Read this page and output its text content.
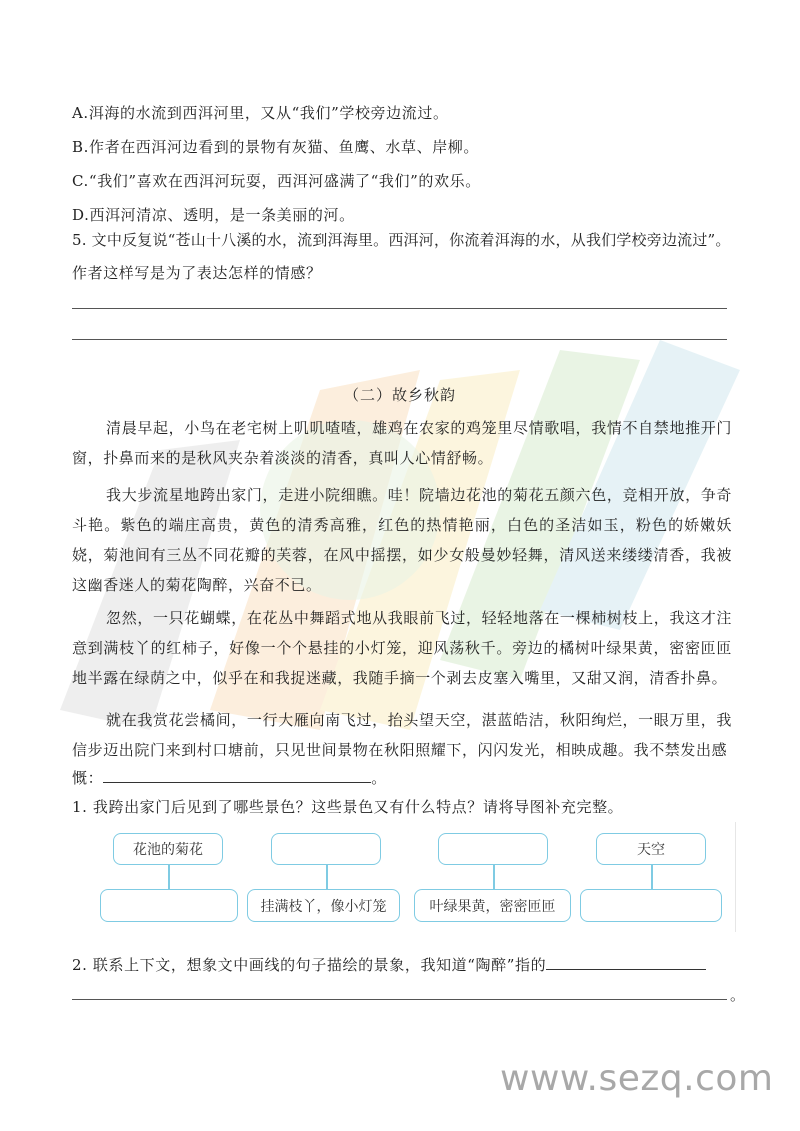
A.洱海的水流到西洱河里，又从“我们”学校旁边流过。
B.作者在西洱河边看到的景物有灰猫、鱼鹰、水草、岸柳。
C.“我们”喜欢在西洱河玩耍，西洱河盛满了“我们”的欢乐。
D.西洱河清凉、透明，是一条美丽的河。
5. 文中反复说“苍山十八溪的水，流到洱海里。西洱河，你流着洱海的水，从我们学校旁边流过”。
作者这样写是为了表达怎样的情感？
（二）故乡秋韵
清晨早起，小鸟在老宅树上叽叽喳喳，雄鸡在农家的鸡笼里尽情歌唱，我情不自禁地推开门窗，扑鼻而来的是秋风夹杂着淡淡的清香，真叫人心情舒畅。
我大步流星地跨出家门，走进小院细瞧。哇！院墙边花池的菊花五颜六色，竞相开放，争奇斗艳。紫色的端庄高贵，黄色的清秀高雅，红色的热情艳丽，白色的圣洁如玉，粉色的娇嫩妖娆，菊池间有三丛不同花瓣的芙蓉，在风中摇摆，如少女般曼妙轻舞，清风送来缕缕清香，我被这幽香迷人的菊花陶醉，兴奋不已。
忽然，一只花蝴蝶，在花丛中舞蹈式地从我眼前飞过，轻轻地落在一棵柿树枝上，我这才注意到满枝丫的红柿子，好像一个个悬挂的小灯笼，迎风荡秋千。旁边的橘树叶绿果黄，密密匝匝地半露在绿荫之中，似乎在和我捉迷藏，我随手摘一个剥去皮塞入嘴里，又甜又润，清香扑鼻。
就在我赏花尝橘间，一行大雁向南飞过，抬头望天空，湛蓝皓洁，秋阳绚烂，一眼万里，我信步迈出院门来到村口塘前，只见世间景物在秋阳照耀下，闪闪发光，相映成趣。我不禁发出感
慨：	。
1. 我跨出家门后见到了哪些景色？这些景色又有什么特点？请将导图补充完整。
花池的菊花	天空
挂满枝丫，像小灯笼	叶绿果黄，密密匝匝
2. 联系上下文，想象文中画线的句子描绘的景象，我知道“陶醉”指的
。
www.sezq.com
